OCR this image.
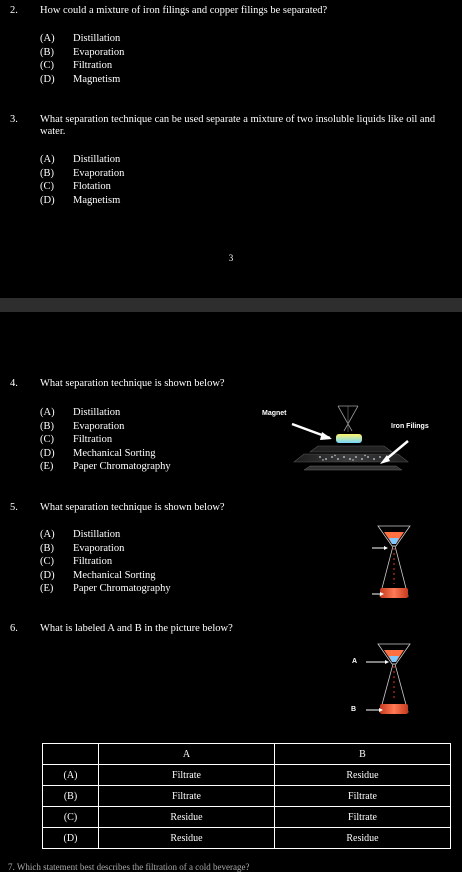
2. How could a mixture of iron filings and copper filings be separated?
(A) Distillation
(B) Evaporation
(C) Filtration
(D) Magnetism
3. What separation technique can be used separate a mixture of two insoluble liquids like oil and water.
(A) Distillation
(B) Evaporation
(C) Flotation
(D) Magnetism
3
4. What separation technique is shown below?
(A) Distillation
(B) Evaporation
(C) Filtration
(D) Mechanical Sorting
(E) Paper Chromatography
Magnet
Iron Filings
5. What separation technique is shown below?
(A) Distillation
(B) Evaporation
(C) Filtration
(D) Mechanical Sorting
(E) Paper Chromatography
6. What is labeled A and B in the picture below?
A
B
	A	B
(A)	Filtrate	Residue
(B)	Filtrate	Filtrate
(C)	Residue	Filtrate
(D)	Residue	Residue
7. Which statement best describes the filtration of a cold beverage?
